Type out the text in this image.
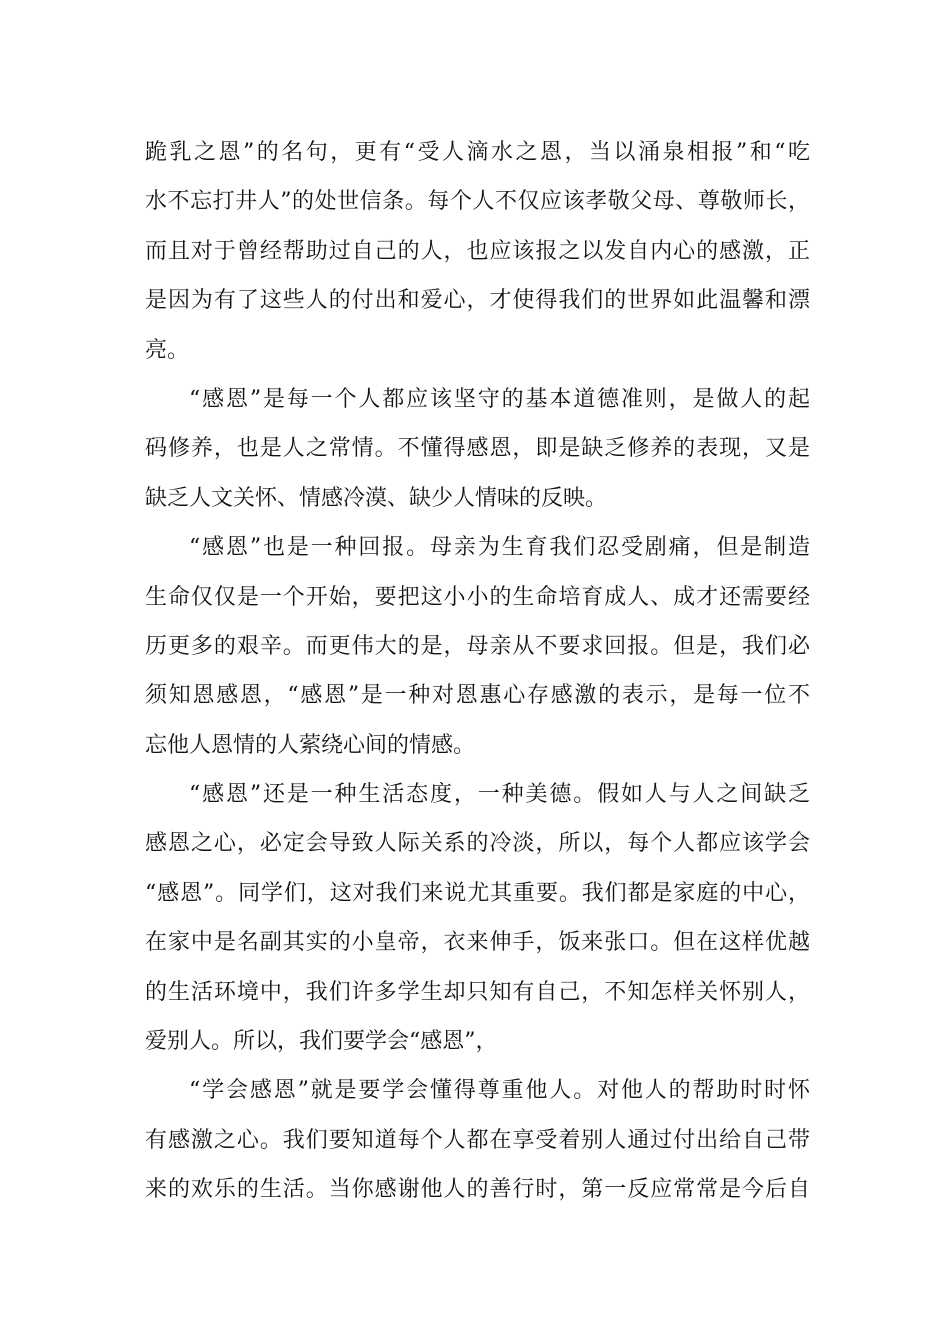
跪乳之恩”的名句，更有“受人滴水之恩，当以涌泉相报”和“吃
水不忘打井人”的处世信条。每个人不仅应该孝敬父母、尊敬师长，
而且对于曾经帮助过自己的人，也应该报之以发自内心的感激，正
是因为有了这些人的付出和爱心，才使得我们的世界如此温馨和漂
亮。
“感恩”是每一个人都应该坚守的基本道德准则，是做人的起
码修养，也是人之常情。不懂得感恩，即是缺乏修养的表现，又是
缺乏人文关怀、情感冷漠、缺少人情味的反映。
“感恩”也是一种回报。母亲为生育我们忍受剧痛，但是制造
生命仅仅是一个开始，要把这小小的生命培育成人、成才还需要经
历更多的艰辛。而更伟大的是，母亲从不要求回报。但是，我们必
须知恩感恩，“感恩”是一种对恩惠心存感激的表示，是每一位不
忘他人恩情的人萦绕心间的情感。
“感恩”还是一种生活态度，一种美德。假如人与人之间缺乏
感恩之心，必定会导致人际关系的冷淡，所以，每个人都应该学会
“感恩”。同学们，这对我们来说尤其重要。我们都是家庭的中心，
在家中是名副其实的小皇帝，衣来伸手，饭来张口。但在这样优越
的生活环境中，我们许多学生却只知有自己，不知怎样关怀别人，
爱别人。所以，我们要学会“感恩”，
“学会感恩”就是要学会懂得尊重他人。对他人的帮助时时怀
有感激之心。我们要知道每个人都在享受着别人通过付出给自己带
来的欢乐的生活。当你感谢他人的善行时，第一反应常常是今后自
